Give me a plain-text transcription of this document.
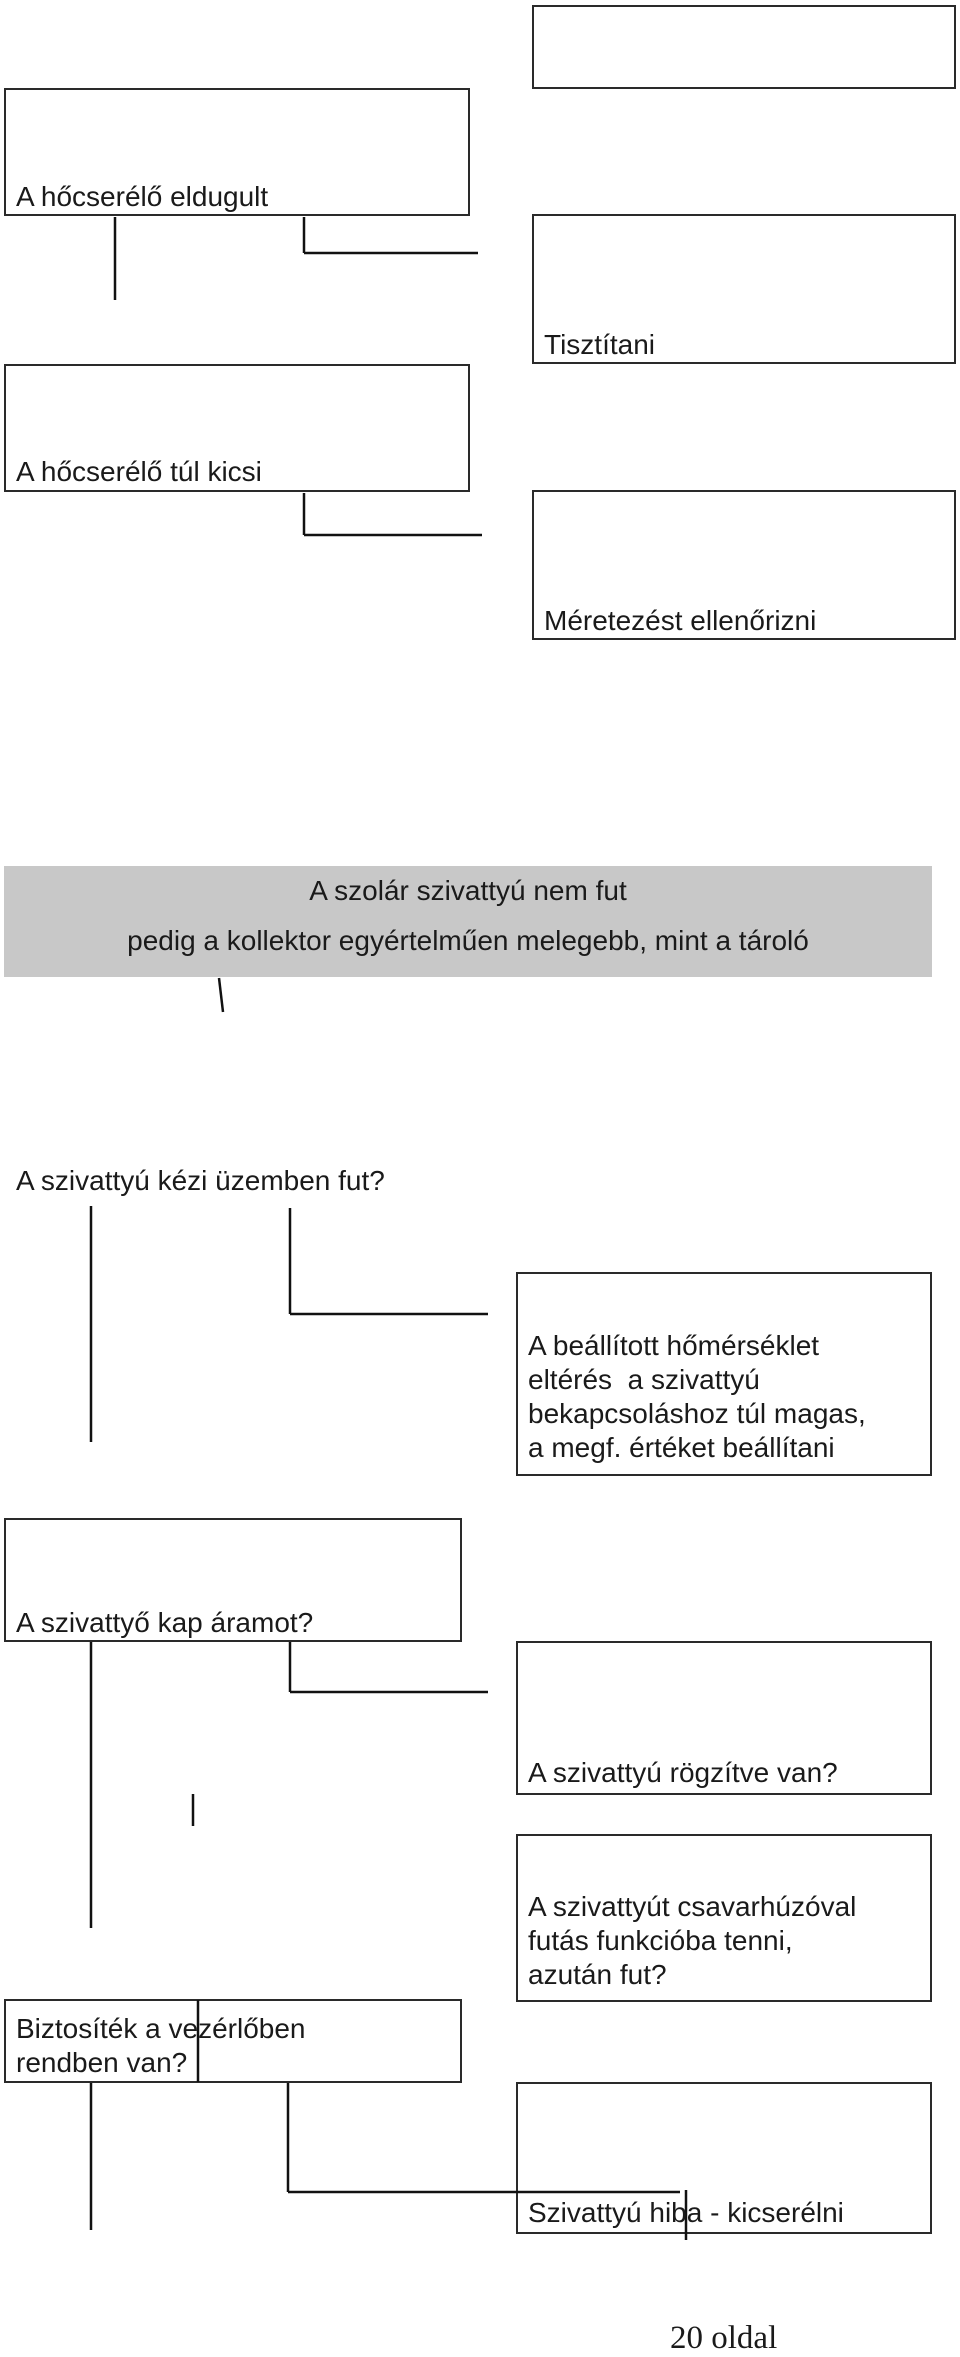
A szolár szivattyú nem fut
pedig a kollektor egyértelműen melegebb, mint a tároló
A hőcserélő eldugult
Tisztítani
A hőcserélő túl kicsi
Méretezést ellenőrizni
A szivattyú kézi üzemben fut?
A beállított hőmérséklet
eltérés  a szivattyú
bekapcsoláshoz túl magas,
a megf. értéket beállítani
A szivattyő kap áramot?
A szivattyú rögzítve van?
A szivattyút csavarhúzóval
futás funkcióba tenni,
azután fut?
Biztosíték a vezérlőben
rendben van?
Szivattyú hiba - kicserélni
20 oldal
